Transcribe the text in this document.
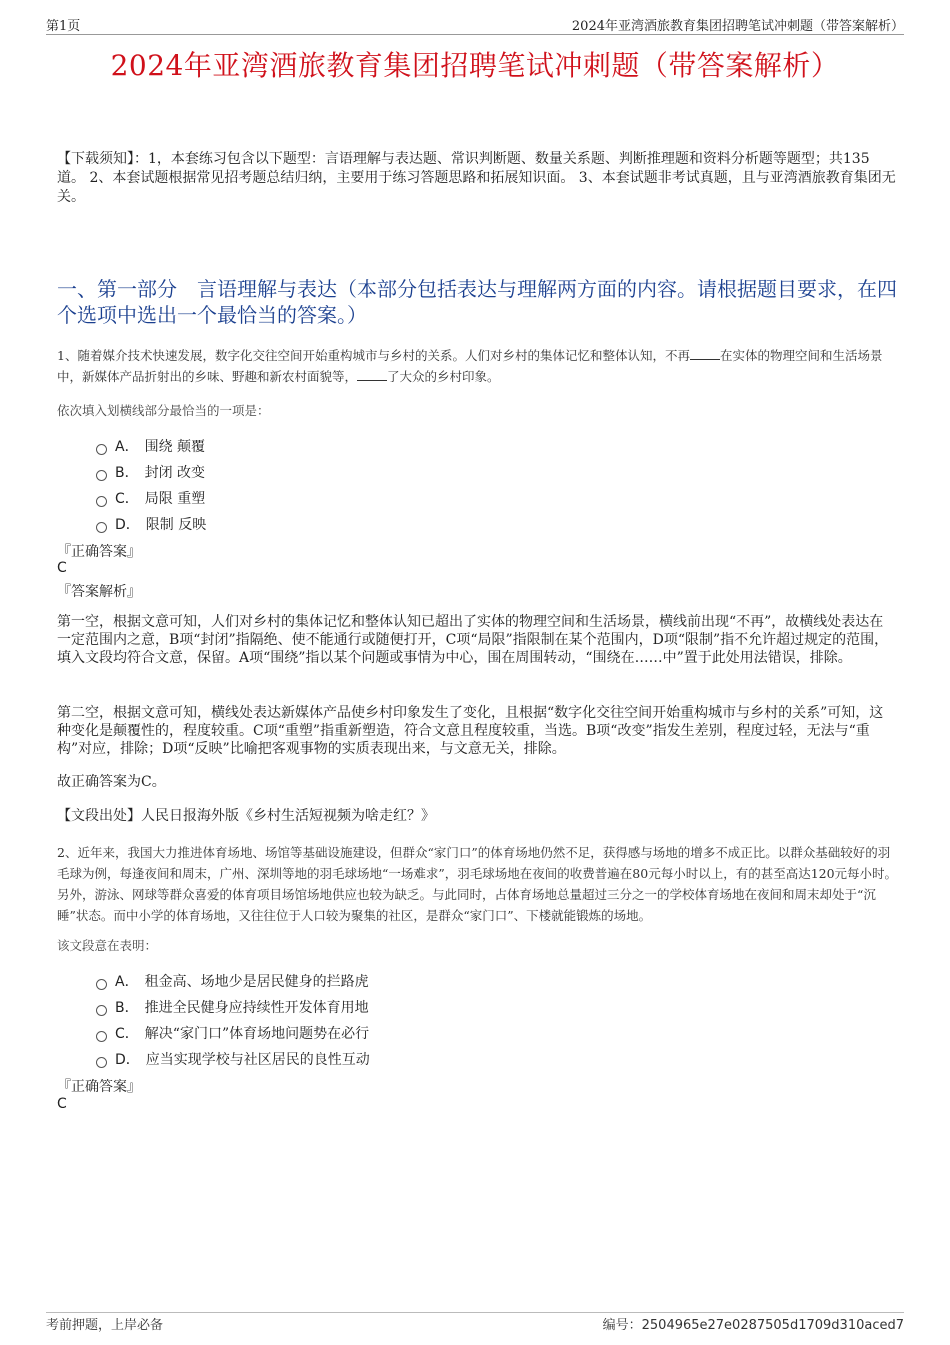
第1页	2024年亚湾酒旅教育集团招聘笔试冲刺题（带答案解析）
2024年亚湾酒旅教育集团招聘笔试冲刺题（带答案解析）

【下载须知】：1，本套练习包含以下题型：言语理解与表达题、常识判断题、数量关系题、判断推理题和资料分析题等题型；共135道。 2、本套试题根据常见招考题总结归纳，主要用于练习答题思路和拓展知识面。 3、本套试题非考试真题，且与亚湾酒旅教育集团无关。

一、第一部分　言语理解与表达（本部分包括表达与理解两方面的内容。请根据题目要求，在四个选项中选出一个最恰当的答案。）

1、随着媒介技术快速发展，数字化交往空间开始重构城市与乡村的关系。人们对乡村的集体记忆和整体认知，不再 在实体的物理空间和生活场景中，新媒体产品折射出的乡味、野趣和新农村面貌等， 了大众的乡村印象。

依次填入划横线部分最恰当的一项是：

A． 围绕 颠覆
B． 封闭 改变
C． 局限 重塑
D． 限制 反映

『正确答案』

C

『答案解析』

第一空，根据文意可知，人们对乡村的集体记忆和整体认知已超出了实体的物理空间和生活场景，横线前出现“不再”，故横线处表达在一定范围内之意，B项“封闭”指隔绝、使不能通行或随便打开，C项“局限”指限制在某个范围内，D项“限制”指不允许超过规定的范围，填入文段均符合文意，保留。A项“围绕”指以某个问题或事情为中心，围在周围转动，“围绕在……中”置于此处用法错误，排除。

第二空，根据文意可知，横线处表达新媒体产品使乡村印象发生了变化，且根据“数字化交往空间开始重构城市与乡村的关系”可知，这种变化是颠覆性的，程度较重。C项“重塑”指重新塑造，符合文意且程度较重，当选。B项“改变”指发生差别，程度过轻，无法与“重构”对应，排除；D项“反映”比喻把客观事物的实质表现出来，与文意无关，排除。

故正确答案为C。

【文段出处】人民日报海外版《乡村生活短视频为啥走红？》

2、近年来，我国大力推进体育场地、场馆等基础设施建设，但群众“家门口”的体育场地仍然不足，获得感与场地的增多不成正比。以群众基础较好的羽毛球为例，每逢夜间和周末，广州、深圳等地的羽毛球场地“一场难求”，羽毛球场地在夜间的收费普遍在80元每小时以上，有的甚至高达120元每小时。另外，游泳、网球等群众喜爱的体育项目场馆场地供应也较为缺乏。与此同时，占体育场地总量超过三分之一的学校体育场地在夜间和周末却处于“沉睡”状态。而中小学的体育场地，又往往位于人口较为聚集的社区，是群众“家门口”、下楼就能锻炼的场地。

该文段意在表明：

A． 租金高、场地少是居民健身的拦路虎
B． 推进全民健身应持续性开发体育用地
C． 解决“家门口”体育场地问题势在必行
D． 应当实现学校与社区居民的良性互动

『正确答案』

C

考前押题，上岸必备	编号：2504965e27e0287505d1709d310aced7
